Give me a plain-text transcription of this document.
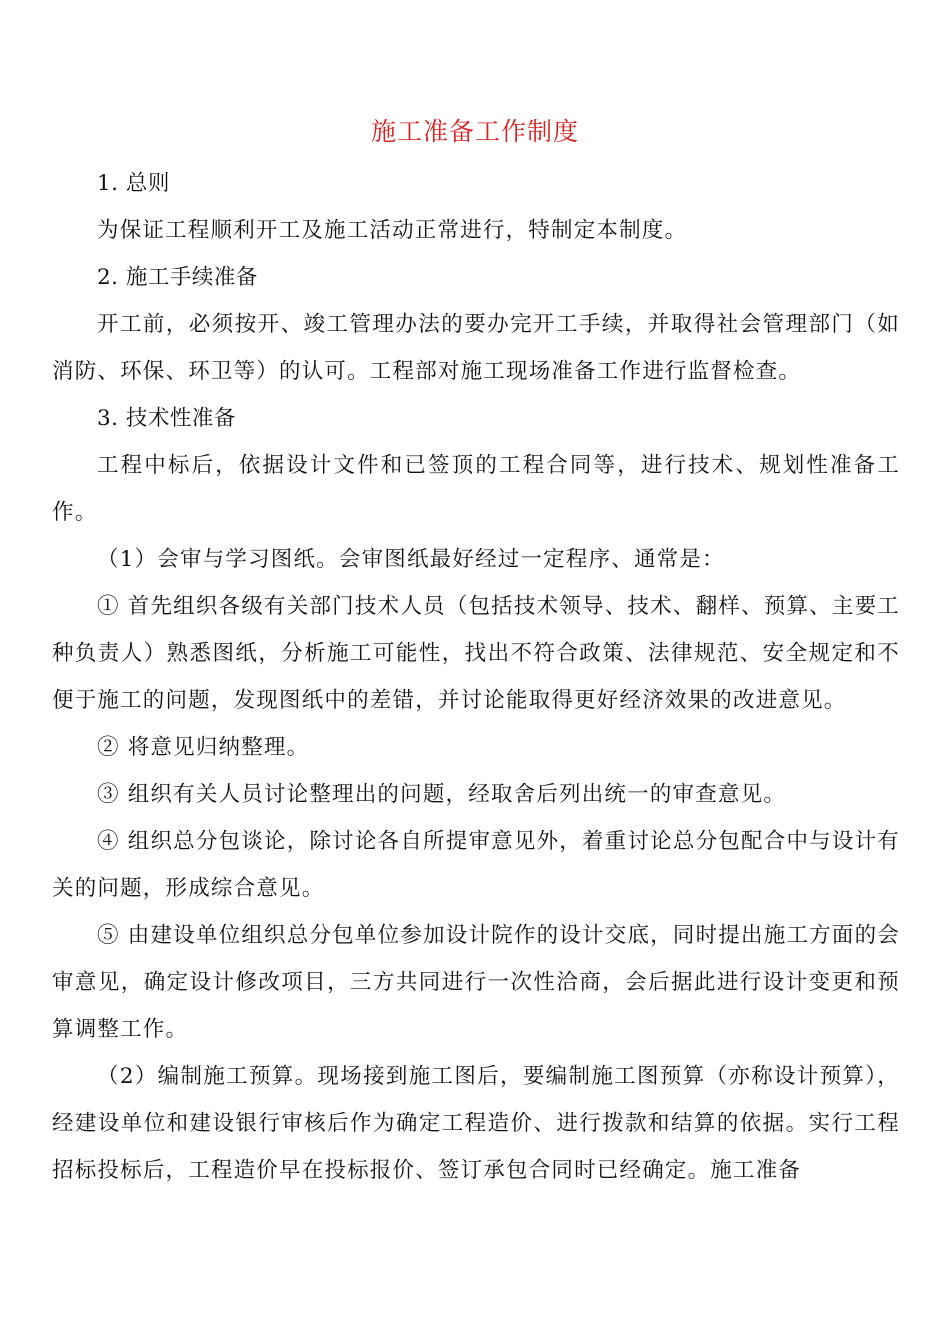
施工准备工作制度

1. 总则

为保证工程顺利开工及施工活动正常进行，特制定本制度。

2. 施工手续准备

开工前，必须按开、竣工管理办法的要办完开工手续，并取得社会管理部门（如消防、环保、环卫等）的认可。工程部对施工现场准备工作进行监督检查。

3. 技术性准备

工程中标后，依据设计文件和已签顶的工程合同等，进行技术、规划性准备工作。

（1）会审与学习图纸。会审图纸最好经过一定程序、通常是：

① 首先组织各级有关部门技术人员（包括技术领导、技术、翻样、预算、主要工种负责人）熟悉图纸，分析施工可能性，找出不符合政策、法律规范、安全规定和不便于施工的问题，发现图纸中的差错，并讨论能取得更好经济效果的改进意见。

② 将意见归纳整理。

③ 组织有关人员讨论整理出的问题，经取舍后列出统一的审查意见。

④ 组织总分包谈论，除讨论各自所提审意见外，着重讨论总分包配合中与设计有关的问题，形成综合意见。

⑤ 由建设单位组织总分包单位参加设计院作的设计交底，同时提出施工方面的会审意见，确定设计修改项目，三方共同进行一次性洽商，会后据此进行设计变更和预算调整工作。

（2）编制施工预算。现场接到施工图后，要编制施工图预算（亦称设计预算），经建设单位和建设银行审核后作为确定工程造价、进行拨款和结算的依据。实行工程招标投标后，工程造价早在投标报价、签订承包合同时已经确定。施工准备
